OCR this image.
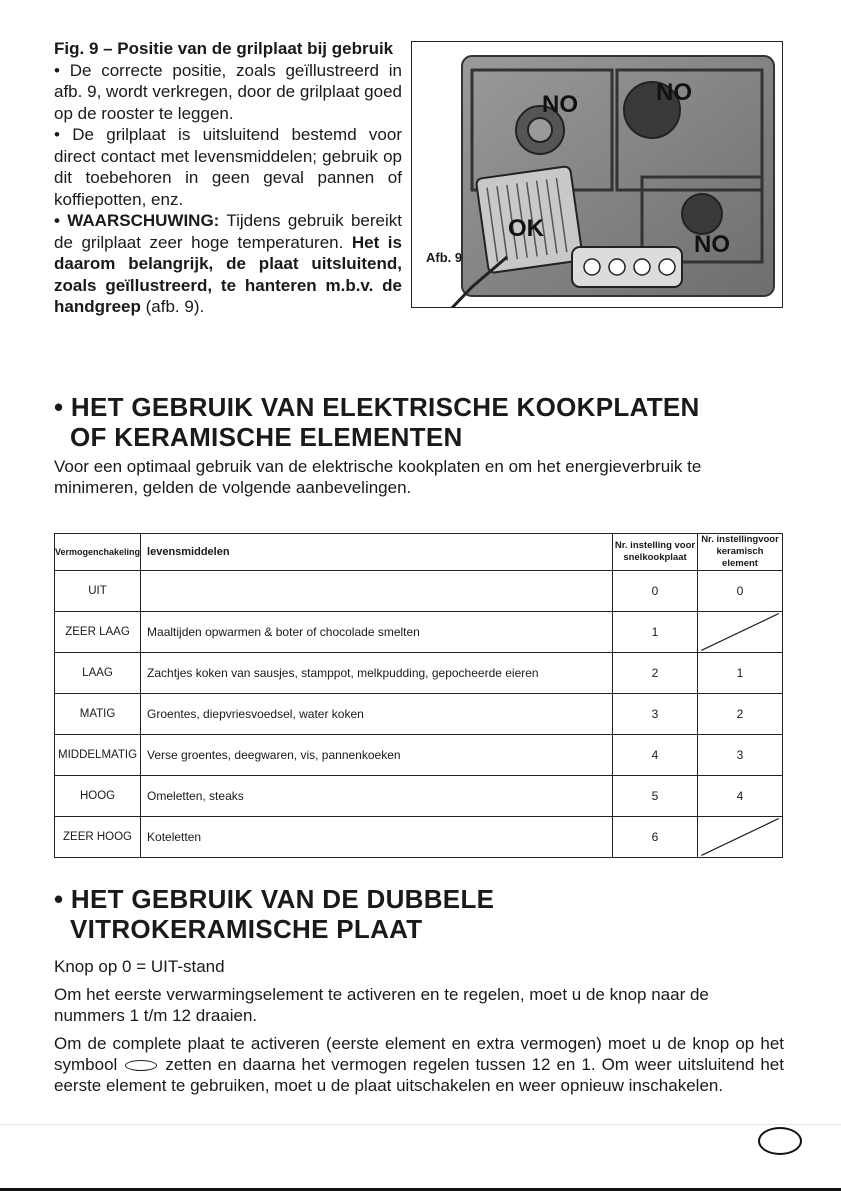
Fig. 9 – Positie van de grilplaat bij gebruik

• De correcte positie, zoals geïllustreerd in afb. 9, wordt verkregen, door de grilplaat goed op de rooster te leggen.

• De grilplaat is uitsluitend bestemd voor direct contact met levensmiddelen; gebruik op dit toebehoren in geen geval pannen of koffiepotten, enz.

• WAARSCHUWING: Tijdens gebruik bereikt de grilplaat zeer hoge temperaturen. Het is daarom belangrijk, de plaat uitsluitend, zoals geïllustreerd, te hanteren m.b.v. de handgreep (afb. 9).

NO	NO
NO
OK
Afb. 9
• HET GEBRUIK VAN ELEKTRISCHE KOOKPLATEN
OF KERAMISCHE ELEMENTEN

Voor een optimaal gebruik van de elektrische kookplaten en om het energieverbruik te minimeren, gelden de volgende aanbevelingen.

Vermogenchakeling	levensmiddelen	Nr. instelling voor snelkookplaat	Nr. instellingvoor keramisch element
UIT		0	0
ZEER LAAG	Maaltijden opwarmen & boter of chocolade smelten	1	

LAAG	Zachtjes koken van sausjes, stamppot, melkpudding, gepocheerde eieren	2	1
MATIG	Groentes, diepvriesvoedsel, water koken	3	2
MIDDELMATIG	Verse groentes, deegwaren, vis, pannenkoeken	4	3
HOOG	Omeletten, steaks	5	4
ZEER HOOG	Koteletten	6	
• HET GEBRUIK VAN DE DUBBELE
VITROKERAMISCHE PLAAT

Knop op 0 = UIT-stand

Om het eerste verwarmingselement te activeren en te regelen, moet u de knop naar de nummers 1 t/m 12 draaien.

Om de complete plaat te activeren (eerste element en extra vermogen) moet u de knop op het symbool	zetten en daarna het vermogen regelen tussen 12 en 1. Om weer uitsluitend het eerste element te gebruiken, moet u de plaat uitschakelen en weer opnieuw inschakelen.
